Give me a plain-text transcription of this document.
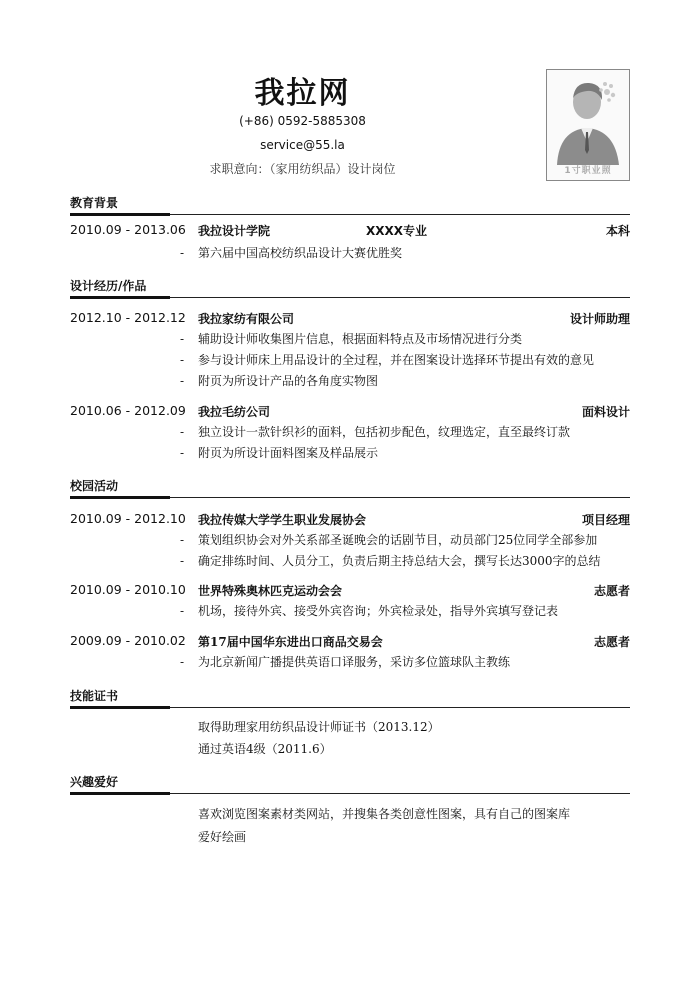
我拉网
(+86) 0592-5885308
service@55.la
求职意向：（家用纺织品）设计岗位	1寸职业照
教育背景
2010.09 - 2013.06 我拉设计学院	XXXX专业	本科
- 第六届中国高校纺织品设计大赛优胜奖
设计经历/作品
2012.10 - 2012.12 我拉家纺有限公司	设计师助理
- 辅助设计师收集图片信息，根据面料特点及市场情况进行分类
- 参与设计师床上用品设计的全过程，并在图案设计选择环节提出有效的意见
- 附页为所设计产品的各角度实物图
2010.06 - 2012.09 我拉毛纺公司	面料设计
- 独立设计一款针织衫的面料，包括初步配色，纹理选定，直至最终订款
- 附页为所设计面料图案及样品展示
校园活动
2010.09 - 2012.10 我拉传媒大学学生职业发展协会	项目经理
- 策划组织协会对外关系部圣诞晚会的话剧节目，动员部门25位同学全部参加
- 确定排练时间、人员分工，负责后期主持总结大会，撰写长达3000字的总结
2010.09 - 2010.10 世界特殊奥林匹克运动会会	志愿者
- 机场，接待外宾、接受外宾咨询；外宾检录处，指导外宾填写登记表
2009.09 - 2010.02 第17届中国华东进出口商品交易会	志愿者
- 为北京新闻广播提供英语口译服务，采访多位篮球队主教练
技能证书
取得助理家用纺织品设计师证书（2013.12）
通过英语4级（2011.6）
兴趣爱好
喜欢浏览图案素材类网站，并搜集各类创意性图案，具有自己的图案库
爱好绘画
